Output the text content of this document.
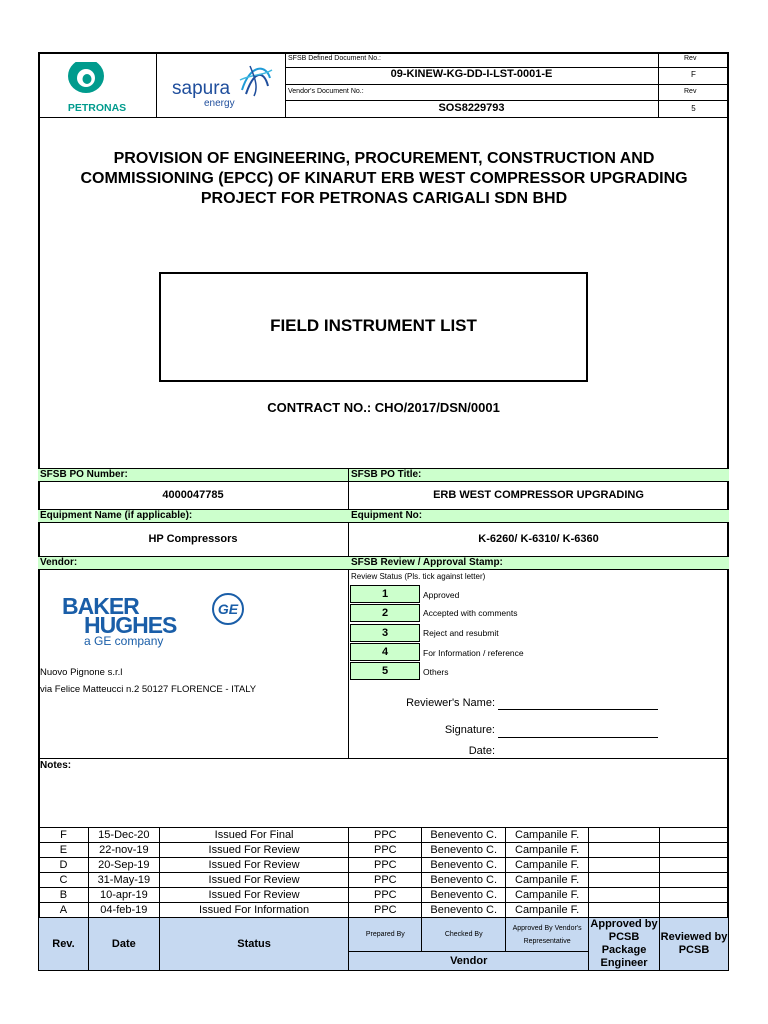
PETRONAS
sapura
energy
SFSB Defined Document No.:	Rev
09-KINEW-KG-DD-I-LST-0001-E	F
Vendor's Document No.:	Rev
SOS8229793	5
PROVISION OF ENGINEERING, PROCUREMENT, CONSTRUCTION AND
COMMISSIONING (EPCC) OF KINARUT ERB WEST COMPRESSOR UPGRADING
PROJECT FOR PETRONAS CARIGALI SDN BHD
FIELD INSTRUMENT LIST
CONTRACT NO.: CHO/2017/DSN/0001
SFSB PO Number:	SFSB PO Title:
4000047785	ERB WEST COMPRESSOR UPGRADING
Equipment Name (if applicable):	Equipment No:
HP Compressors	K-6260/ K-6310/ K-6360
Vendor:	SFSB Review / Approval Stamp:
BAKER
HUGHES
a GE company
GE
Nuovo Pignone s.r.l
via Felice Matteucci n.2 50127 FLORENCE - ITALY
Review Status (Pls. tick against letter)
1	Approved
2	Accepted with comments
3	Reject and resubmit
4	For Information / reference
5	Others
Reviewer's Name:
Signature:
Date:
Notes:
F	15-Dec-20	Issued For Final	PPC	Benevento C.	Campanile F.		
E	22-nov-19	Issued For Review	PPC	Benevento C.	Campanile F.		
D	20-Sep-19	Issued For Review	PPC	Benevento C.	Campanile F.		
C	31-May-19	Issued For Review	PPC	Benevento C.	Campanile F.		
B	10-apr-19	Issued For Review	PPC	Benevento C.	Campanile F.		
A	04-feb-19	Issued For Information	PPC	Benevento C.	Campanile F.		
Rev.	Date	Status	Prepared By	Checked By	Approved By Vendor's Representative	Approved by PCSB Package Engineer	Reviewed by PCSB
			Vendor				
